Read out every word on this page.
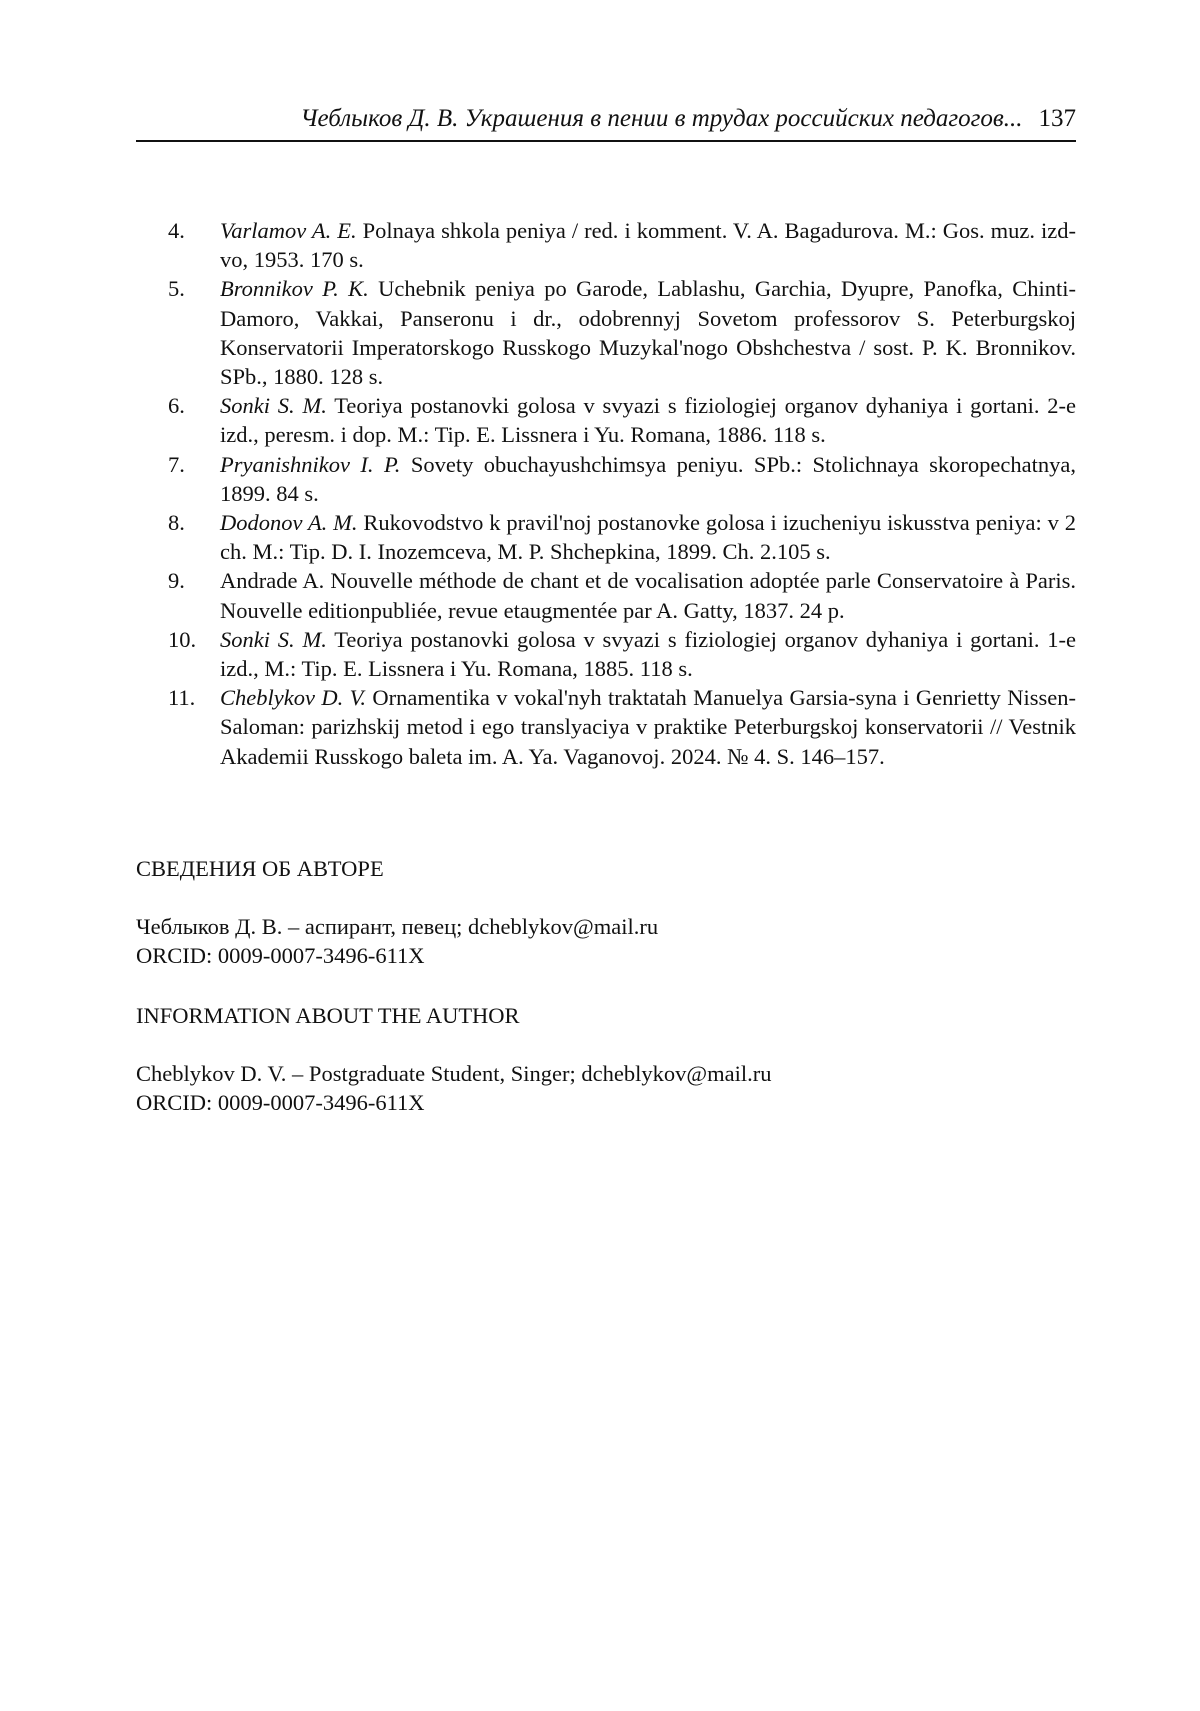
Чеблыков Д. В. Украшения в пении в трудах российских педагогов... 137
4. Varlamov A. E. Polnaya shkola peniya / red. i komment. V. A. Bagadurova. M.: Gos. muz. izd-vo, 1953. 170 s.
5. Bronnikov P. K. Uchebnik peniya po Garode, Lablashu, Garchia, Dyupre, Panofka, Chinti-Damoro, Vakkai, Panseronu i dr., odobrennyj Sovetom professorov S. Peterburgskoj Konservatorii Imperatorskogo Russkogo Muzykal'nogo Obshchestva / sost. P. K. Bronnikov. SPb., 1880. 128 s.
6. Sonki S. M. Teoriya postanovki golosa v svyazi s fiziologiej organov dyhaniya i gortani. 2-e izd., peresm. i dop. M.: Tip. E. Lissnera i Yu. Romana, 1886. 118 s.
7. Pryanishnikov I. P. Sovety obuchayushchimsya peniyu. SPb.: Stolichnaya skoropechatnya, 1899. 84 s.
8. Dodonov A. M. Rukovodstvo k pravil'noj postanovke golosa i izucheniyu iskusstva peniya: v 2 ch. M.: Tip. D. I. Inozemceva, M. P. Shchepkina, 1899. Ch. 2.105 s.
9. Andrade A. Nouvelle méthode de chant et de vocalisation adoptée parle Conservatoire à Paris. Nouvelle editionpubliée, revue etaugmentée par A. Gatty, 1837. 24 p.
10. Sonki S. M. Teoriya postanovki golosa v svyazi s fiziologiej organov dyhaniya i gortani. 1-e izd., M.: Tip. E. Lissnera i Yu. Romana, 1885. 118 s.
11. Cheblykov D. V. Ornamentika v vokal'nyh traktatah Manuelya Garsia-syna i Genrietty Nissen-Saloman: parizhskij metod i ego translyaciya v praktike Peterburgskoj konservatorii // Vestnik Akademii Russkogo baleta im. A. Ya. Vaganovoj. 2024. № 4. S. 146–157.

СВЕДЕНИЯ ОБ АВТОРЕ

Чеблыков Д. В. – аспирант, певец; dcheblykov@mail.ru

ORCID: 0009-0007-3496-611X

INFORMATION ABOUT THE AUTHOR

Cheblykov D. V. – Postgraduate Student, Singer; dcheblykov@mail.ru

ORCID: 0009-0007-3496-611X
